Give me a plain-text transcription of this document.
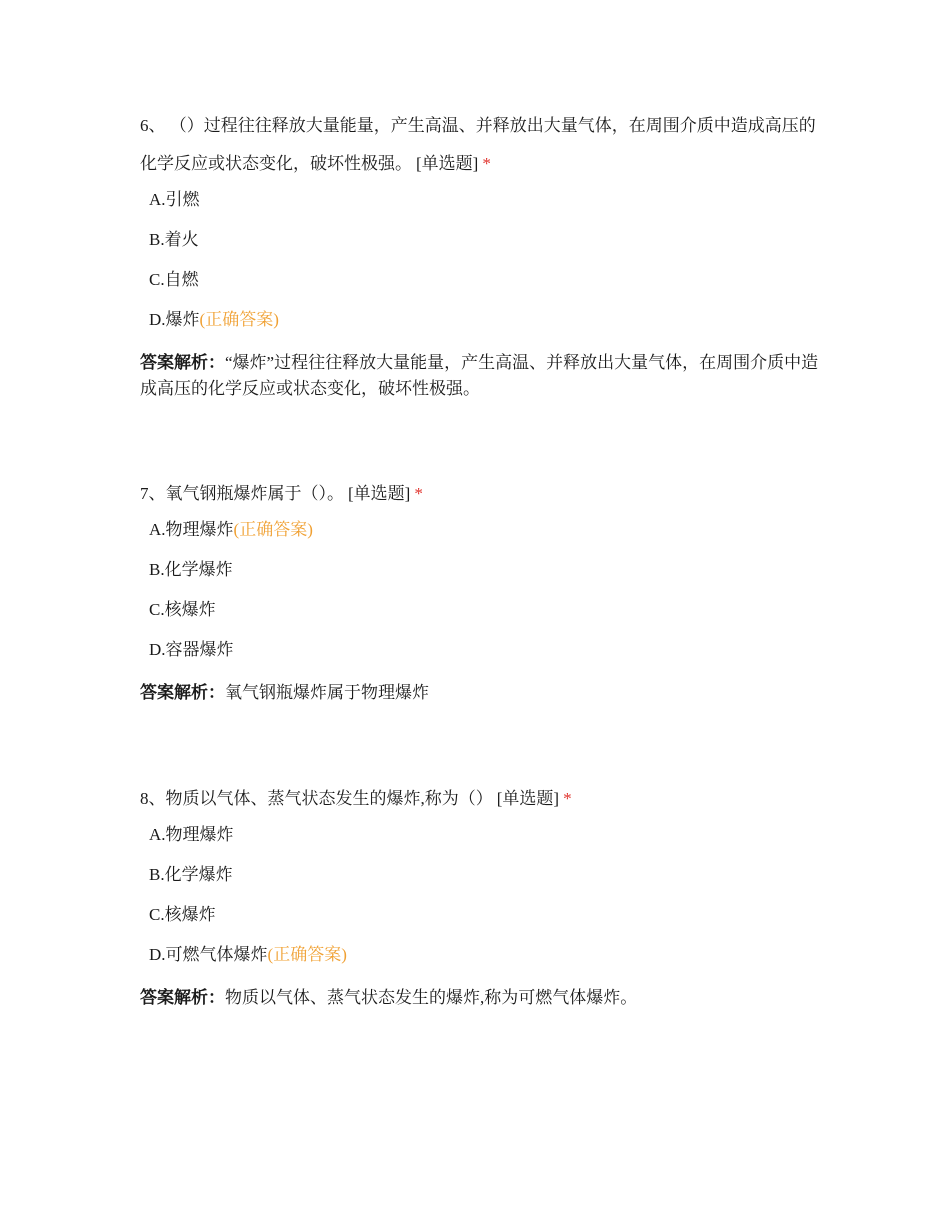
6、 （）过程往往释放大量能量，产生高温、并释放出大量气体，在周围介质中造成高压的化学反应或状态变化，破坏性极强。 [单选题] *

A.引燃
B.着火
C.自燃
D.爆炸 (正确答案)
答案解析：“爆炸”过程往往释放大量能量，产生高温、并释放出大量气体，在周围介质中造成高压的化学反应或状态变化，破坏性极强。

7、氧气钢瓶爆炸属于（）。 [单选题] *

A.物理爆炸 (正确答案)
B.化学爆炸
C.核爆炸
D.容器爆炸
答案解析：氧气钢瓶爆炸属于物理爆炸

8、物质以气体、蒸气状态发生的爆炸,称为（） [单选题] *

A.物理爆炸
B.化学爆炸
C.核爆炸
D.可燃气体爆炸 (正确答案)
答案解析：物质以气体、蒸气状态发生的爆炸,称为可燃气体爆炸。
